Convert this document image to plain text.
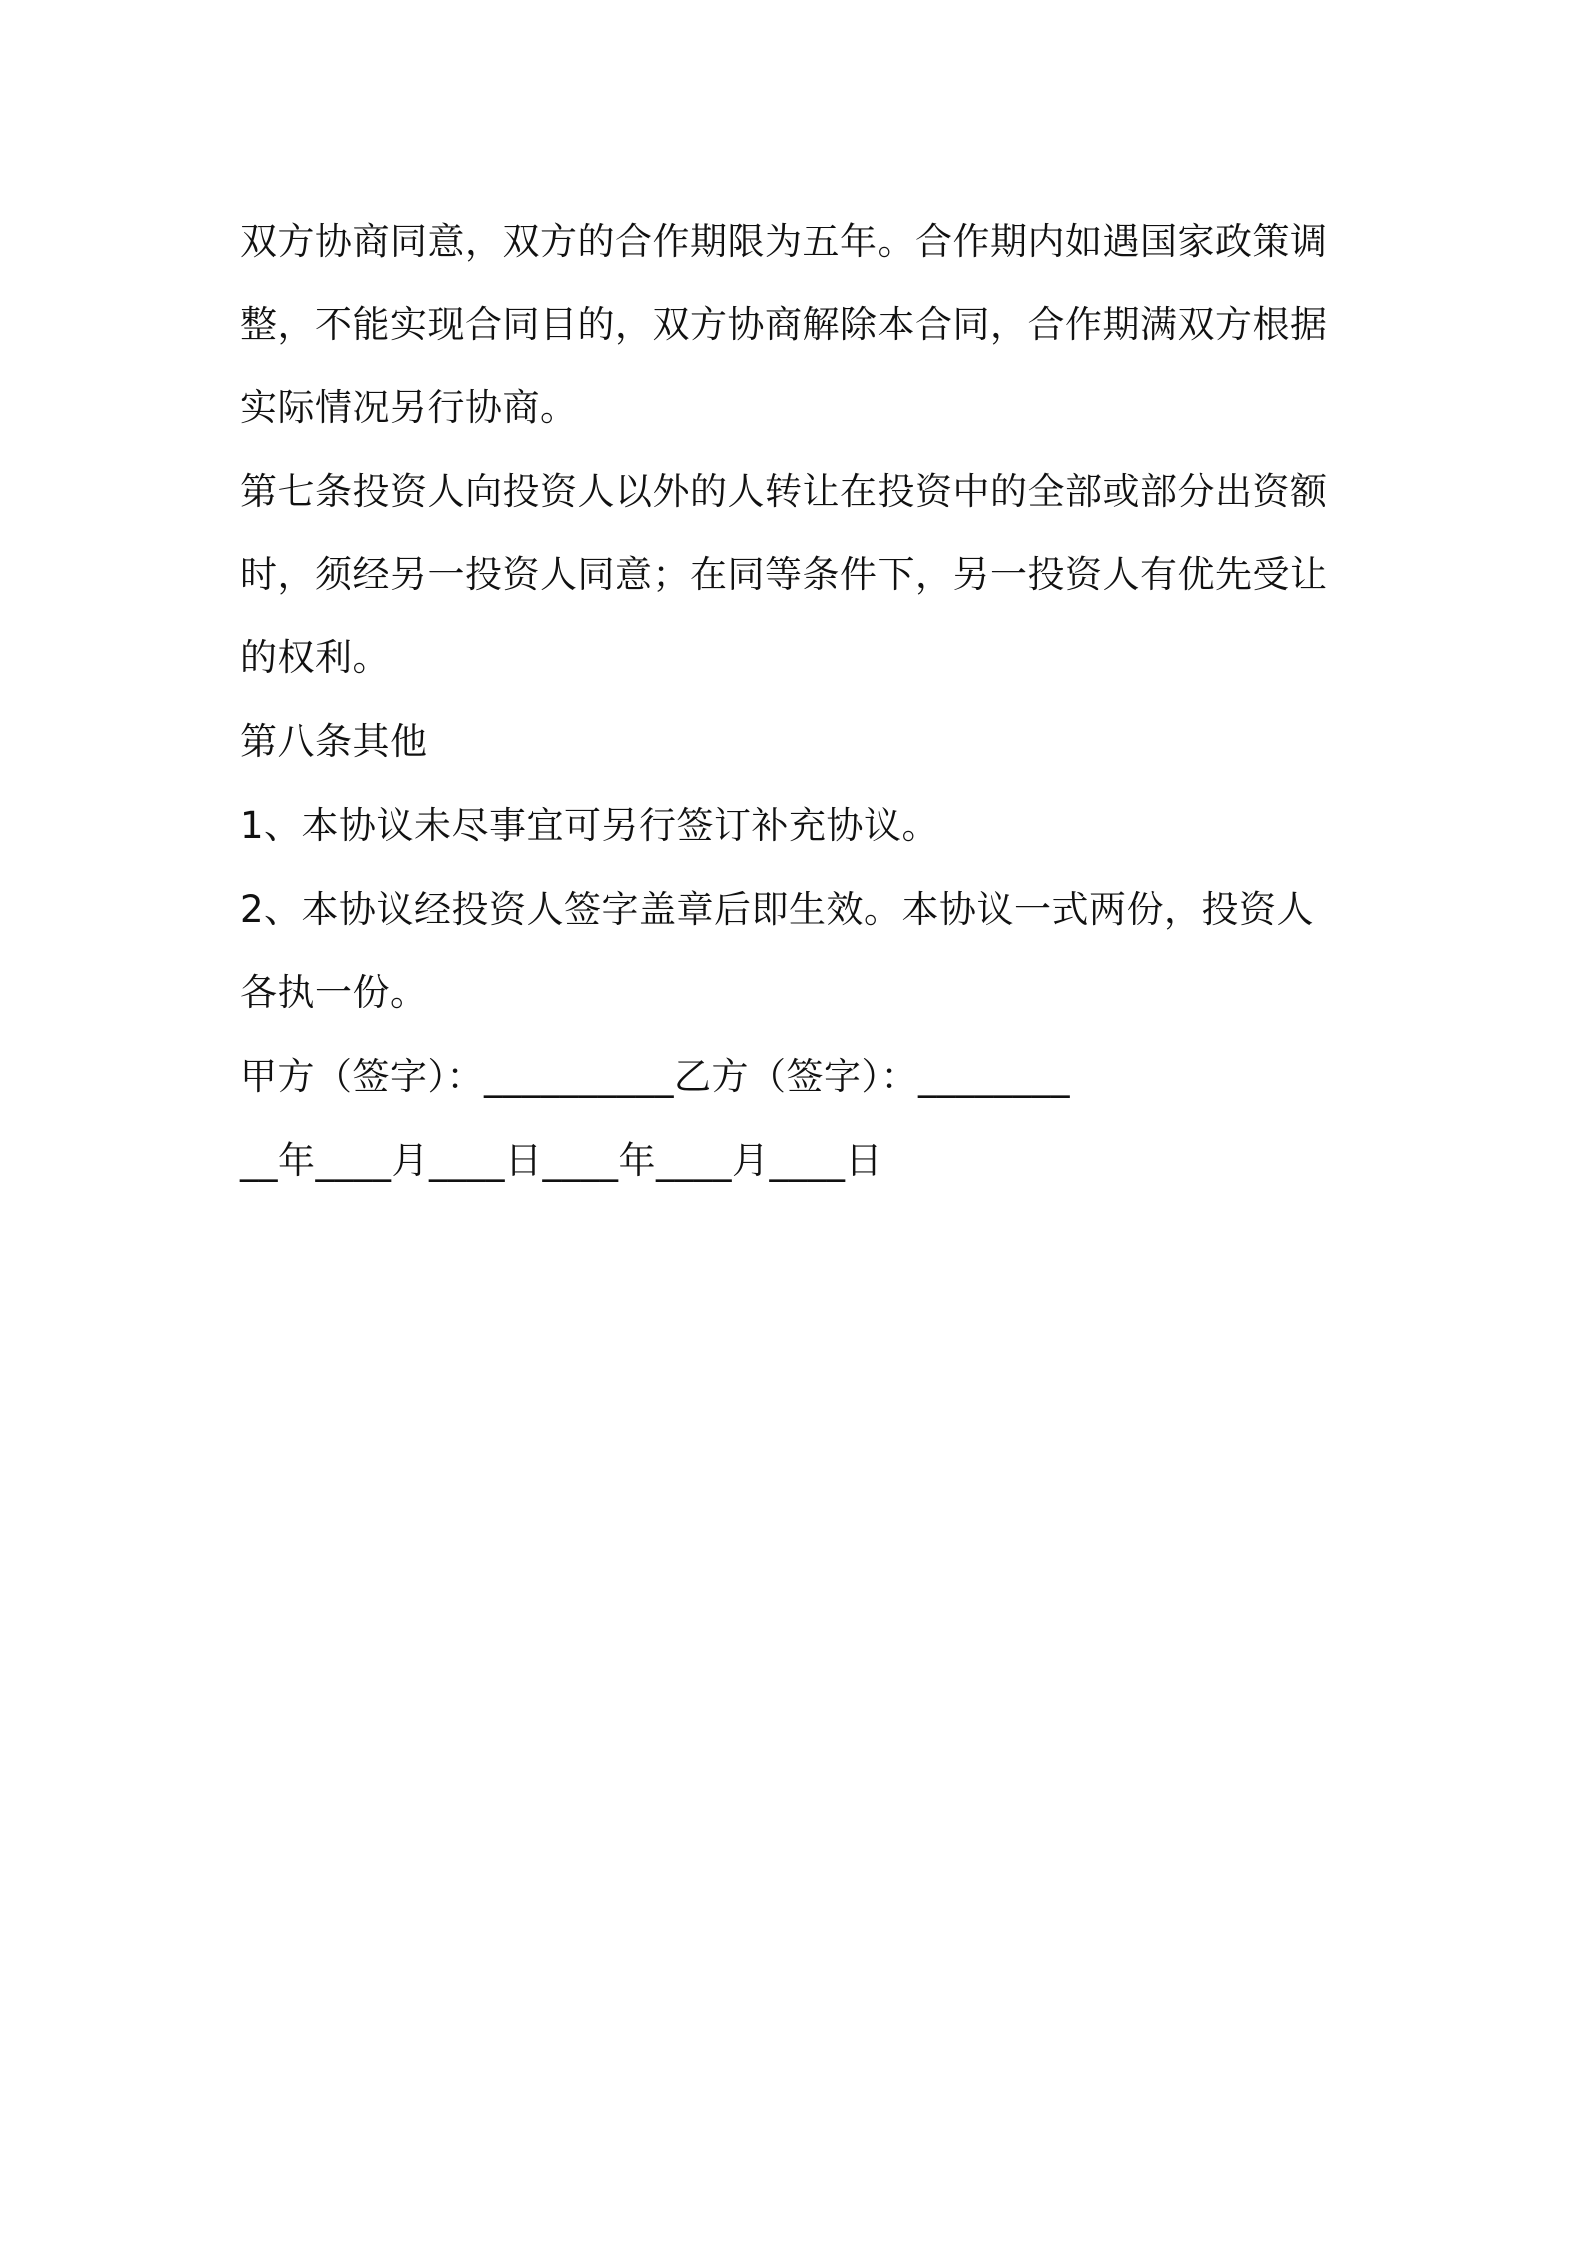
双方协商同意，双方的合作期限为五年。合作期内如遇国家政策调整，不能实现合同目的，双方协商解除本合同，合作期满双方根据实际情况另行协商。

第七条投资人向投资人以外的人转让在投资中的全部或部分出资额时，须经另一投资人同意；在同等条件下，另一投资人有优先受让的权利。

第八条其他

1、本协议未尽事宜可另行签订补充协议。

2、本协议经投资人签字盖章后即生效。本协议一式两份，投资人各执一份。

甲方（签字）：__________乙方（签字）：________

__年____月____日____年____月____日
